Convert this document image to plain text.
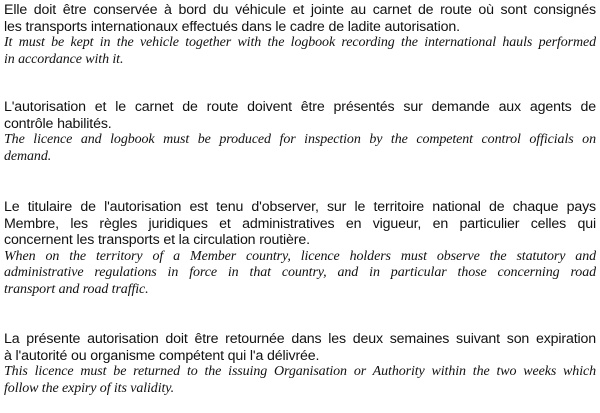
Elle doit être conservée à bord du véhicule et jointe au carnet de route où sont consignés
les transports internationaux effectués dans le cadre de ladite autorisation.

It must be kept in the vehicle together with the logbook recording the international hauls performed
in accordance with it.

L'autorisation et le carnet de route doivent être présentés sur demande aux agents de
contrôle habilités.

The licence and logbook must be produced for inspection by the competent control officials on
demand.

Le titulaire de l'autorisation est tenu d'observer, sur le territoire national de chaque pays
Membre, les règles juridiques et administratives en vigueur, en particulier celles qui
concernent les transports et la circulation routière.

When on the territory of a Member country, licence holders must observe the statutory and
administrative regulations in force in that country, and in particular those concerning road
transport and road traffic.

La présente autorisation doit être retournée dans les deux semaines suivant son expiration
à l'autorité ou organisme compétent qui l'a délivrée.

This licence must be returned to the issuing Organisation or Authority within the two weeks which
follow the expiry of its validity.
